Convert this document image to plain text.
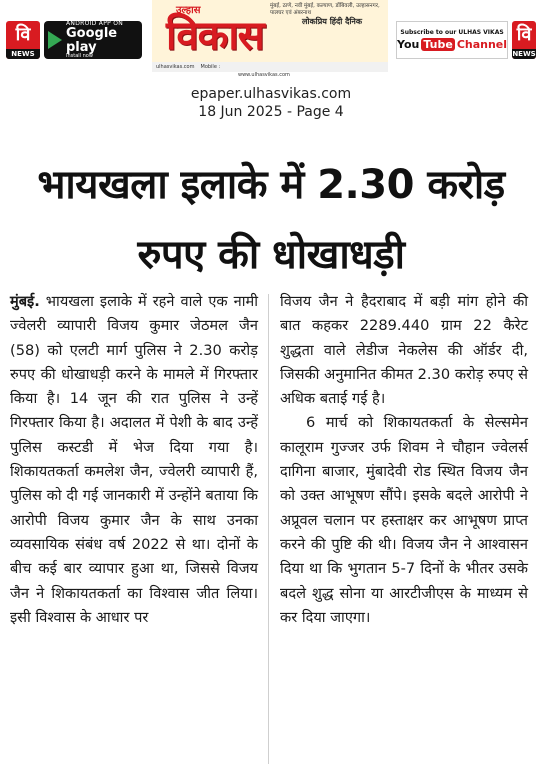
वि
NEWS
ANDROID APP ON
Google play
Install now
उल्हास	मुंबई, ठाणे, नवी मुंबई, कल्याण, डोंबिवली, उल्हासनगर, पालघर एवं अंबरनाथ
विकास	लोकप्रिय हिंदी दैनिक
ulhasvikas.com Mobile :
www.ulhasvikas.com
Subscribe to our ULHAS VIKAS
You Tube Channel वि
NEWS
epaper.ulhasvikas.com
18 Jun 2025 - Page 4
भायखला इलाके में 2.30 करोड़ रुपए की धोखाधड़ी

मुंबई. भायखला इलाके में रहने वाले एक नामी ज्वेलरी व्यापारी विजय कुमार जेठमल जैन (58) को एलटी मार्ग पुलिस ने 2.30 करोड़ रुपए की धोखाधड़ी करने के मामले में गिरफ्तार किया है। 14 जून की रात पुलिस ने उन्हें गिरफ्तार किया है। अदालत में पेशी के बाद उन्हें पुलिस कस्टडी में भेज दिया गया है। शिकायतकर्ता कमलेश जैन, ज्वेलरी व्यापारी हैं, पुलिस को दी गई जानकारी में उन्होंने बताया कि आरोपी विजय कुमार जैन के साथ उनका व्यवसायिक संबंध वर्ष 2022 से था। दोनों के बीच कई बार व्यापार हुआ था, जिससे विजय जैन ने शिकायतकर्ता का विश्वास जीत लिया। इसी विश्वास के आधार पर

विजय जैन ने हैदराबाद में बड़ी मांग होने की बात कहकर 2289.440 ग्राम 22 कैरेट शुद्धता वाले लेडीज नेकलेस की ऑर्डर दी, जिसकी अनुमानित कीमत 2.30 करोड़ रुपए से अधिक बताई गई है।

6 मार्च को शिकायतकर्ता के सेल्समेन कालूराम गुज्जर उर्फ शिवम ने चौहान ज्वेलर्स दागिना बाजार, मुंबादेवी रोड स्थित विजय जैन को उक्त आभूषण सौंपे। इसके बदले आरोपी ने अप्रूवल चलान पर हस्ताक्षर कर आभूषण प्राप्त करने की पुष्टि की थी। विजय जैन ने आश्वासन दिया था कि भुगतान 5-7 दिनों के भीतर उसके बदले शुद्ध सोना या आरटीजीएस के माध्यम से कर दिया जाएगा।
